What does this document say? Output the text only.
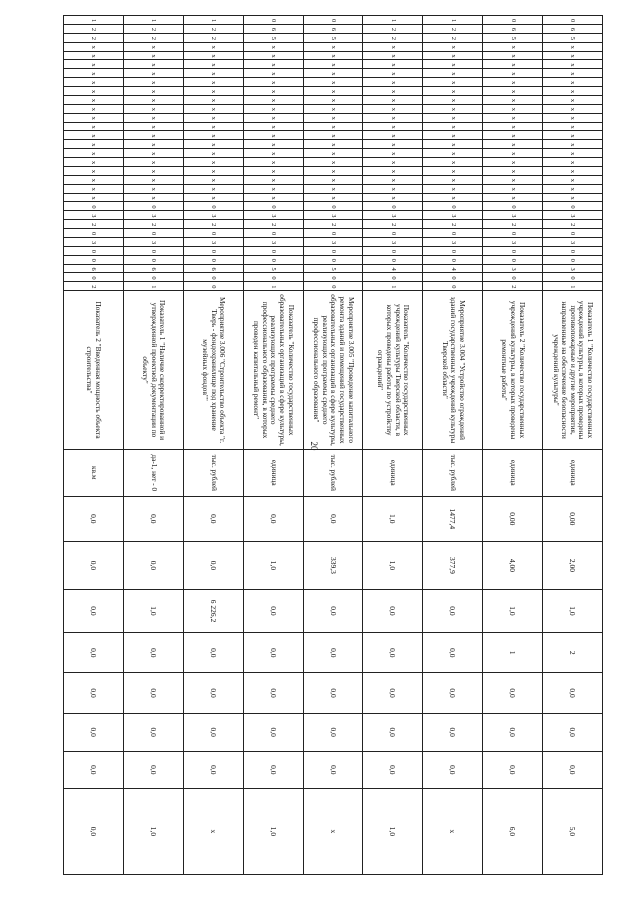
20
0	6	5	x	x	x	x	x	x	x	x	x	x	x	x	x	x	x	x	x	x	0	3	2	0	3	0	0	3	0	1	Показатель 1 "Количество государственных учреждений культуры, в которых проведены противопожарные и другие мероприятия, направленные на обеспечение безопасности учреждений культуры"	единица	0,00	2,00	1,0	2	0,0	0,0	0,0	5,0
0	6	5	x	x	x	x	x	x	x	x	x	x	x	x	x	x	x	x	x	x	0	3	2	0	3	0	0	3	0	2	Показатель 2 "Количество государственных учреждений культуры, в которых проведены ремонтные работы"	единица	0,00	4,00	1,0	1	0,0	0,0	0,0	6,0
1	2	2	x	x	x	x	x	x	x	x	x	x	x	x	x	x	x	x	x	x	0	3	2	0	3	0	0	4	0	0	Мероприятие 3.004 "Устройство ограждений зданий государственных учреждений культуры Тверской области"	тыс. рублей	1477,4	377,9	0,0	0,0	0,0	0,0	0,0	x
1	2	2	x	x	x	x	x	x	x	x	x	x	x	x	x	x	x	x	x	x	0	3	2	0	3	0	0	4	0	1	Показатель "Количество государственных учреждений культуры Тверской области, в которых проведены работы по устройству ограждений"	единица	1,0	1,0	0,0	0,0	0,0	0,0	0,0	1,0
0	6	5	x	x	x	x	x	x	x	x	x	x	x	x	x	x	x	x	x	x	0	3	2	0	3	0	0	5	0	0	Мероприятие 3.005 "Проведение капитального ремонта зданий и помещений государственных образовательных организаций в сфере культуры, реализующих программы среднего профессионального образования"	тыс. рублей	0,0	339,3	0,0	0,0	0,0	0,0	0,0	x
0	6	5	x	x	x	x	x	x	x	x	x	x	x	x	x	x	x	x	x	x	0	3	2	0	3	0	0	5	0	1	Показатель "Количество государственных образовательных организаций в сфере культуры, реализующих программы среднего профессионального образования, в которых проведен капитальный ремонт"	единица	0,0	1,0	0,0	0,0	0,0	0,0	0,0	1,0
1	2	2	x	x	x	x	x	x	x	x	x	x	x	x	x	x	x	x	x	x	0	3	2	0	3	0	0	6	0	0	Мероприятие 3.006 "Строительство объекта "г. Тверь - фондохранилище под хранение музейных фондов""	тыс. рублей	0,0	0,0	6 226,2	0,0	0,0	0,0	0,0	x
1	2	2	x	x	x	x	x	x	x	x	x	x	x	x	x	x	x	x	x	x	0	3	2	0	3	0	0	6	0	1	Показатель 1 "Наличие скорректированной и утвержденной проектной документации по объекту"	да-1, нет - 0	0,0	0,0	1,0	0,0	0,0	0,0	0,0	1,0
1	2	2	x	x	x	x	x	x	x	x	x	x	x	x	x	x	x	x	x	x	0	3	2	0	3	0	0	6	0	2	Показатель 2 "Введенная мощность объекта строительства"	кв.м	0,0	0,0	0,0	0,0	0,0	0,0	0,0	0,0
